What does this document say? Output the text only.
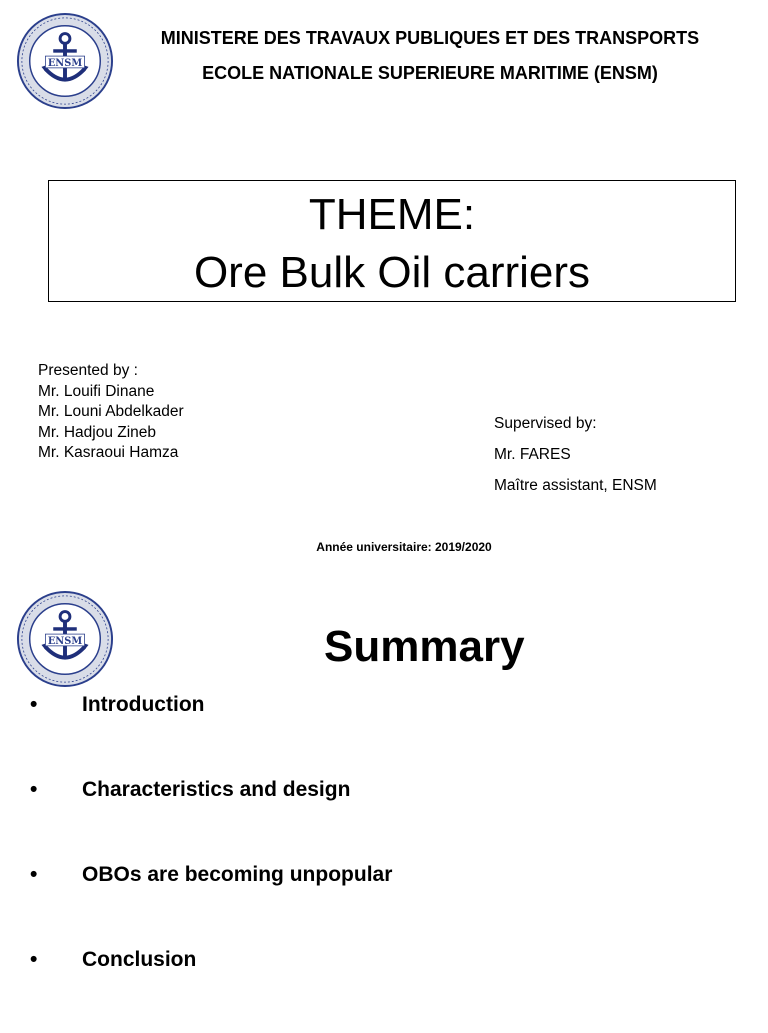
ENSM
MINISTERE DES TRAVAUX PUBLIQUES ET DES TRANSPORTS
ECOLE NATIONALE SUPERIEURE MARITIME (ENSM)
THEME:
Ore Bulk Oil carriers
Presented by :
Mr. Louifi Dinane
Mr. Louni Abdelkader
Mr. Hadjou Zineb
Mr. Kasraoui Hamza
Supervised by:
Mr. FARES
Maître assistant, ENSM
Année universitaire: 2019/2020
ENSM	Summary
•	Introduction
•	Characteristics and design
•	OBOs are becoming unpopular
•	Conclusion
